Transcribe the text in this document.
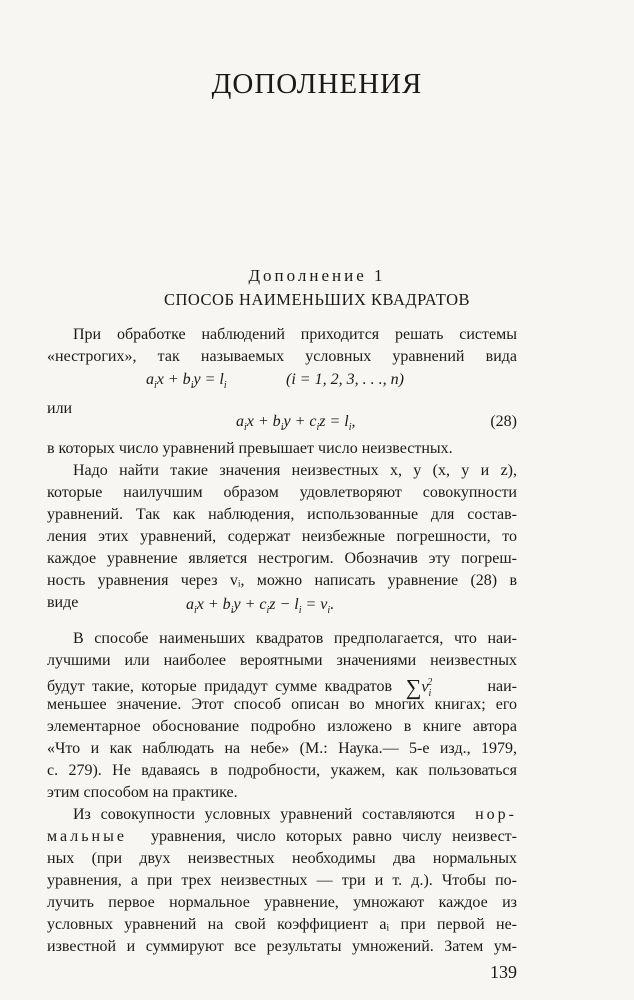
ДОПОЛНЕНИЯ
Дополнение 1
СПОСОБ НАИМЕНЬШИХ КВАДРАТОВ
При обработке наблюдений приходится решать системы
«нестрогих», так называемых условных уравнений вида
$a_ix + b_iy = l_i$	(i = 1, 2, 3, . . ., n)
или
$a_ix + b_iy + c_iz = l_i$,	(28)
в которых число уравнений превышает число неизвестных.
Надо найти такие значения неизвестных x, y (x, y и z),
которые наилучшим образом удовлетворяют совокупности
уравнений. Так как наблюдения, использованные для состав-
ления этих уравнений, содержат неизбежные погрешности, то
каждое уравнение является нестрогим. Обозначив эту погреш-
ность уравнения через vᵢ, можно написать уравнение (28) в
виде	$a_ix + b_iy + c_iz - l_i = v_i$.
В способе наименьших квадратов предполагается, что наи-
лучшими или наиболее вероятными значениями неизвестных
будут такие, которые придадут сумме квадратов $\sum v_i^2$	наи-
меньшее значение. Этот способ описан во многих книгах; его
элементарное обоснование подробно изложено в книге автора
«Что и как наблюдать на небе» (М.: Наука.— 5-е изд., 1979,
с. 279). Не вдаваясь в подробности, укажем, как пользоваться
этим способом на практике.
Из совокупности условных уравнений составляются нор-
мальные уравнения, число которых равно числу неизвест-
ных (при двух неизвестных необходимы два нормальных
уравнения, а при трех неизвестных — три и т. д.). Чтобы по-
лучить первое нормальное уравнение, умножают каждое из
условных уравнений на свой коэффициент aᵢ при первой не-
известной и суммируют все результаты умножений. Затем ум-
139
